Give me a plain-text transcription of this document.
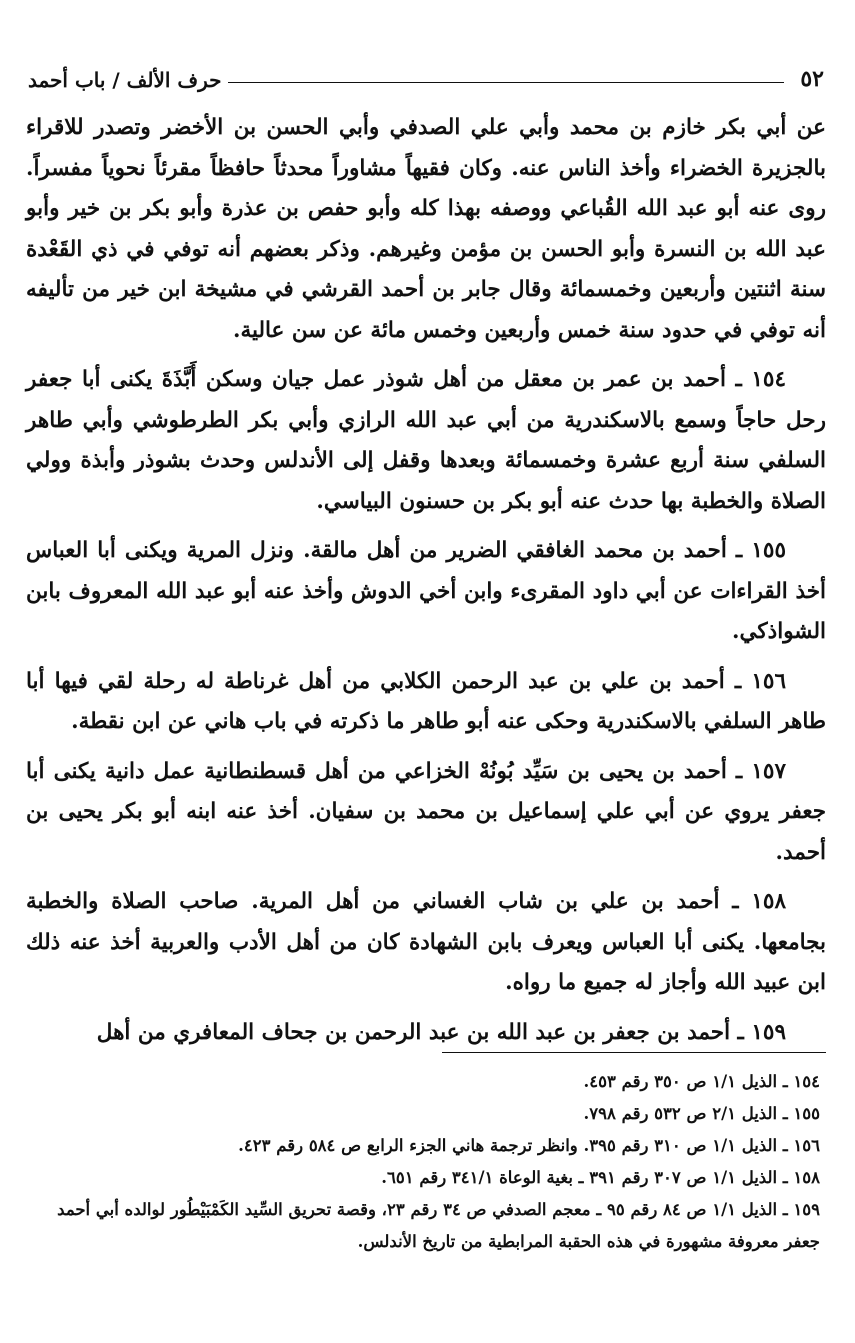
٥٢
حرف الألف / باب أحمد

عن أبي بكر خازم بن محمد وأبي علي الصدفي وأبي الحسن بن الأخضر وتصدر للاقراء بالجزيرة الخضراء وأخذ الناس عنه. وكان فقيهاً مشاوراً محدثاً حافظاً مقرئاً نحوياً مفسراً. روى عنه أبو عبد الله القُباعي ووصفه بهذا كله وأبو حفص بن عذرة وأبو بكر بن خير وأبو عبد الله بن النسرة وأبو الحسن بن مؤمن وغيرهم. وذكر بعضهم أنه توفي في ذي القَعْدة سنة اثنتين وأربعين وخمسمائة وقال جابر بن أحمد القرشي في مشيخة ابن خير من تأليفه أنه توفي في حدود سنة خمس وأربعين وخمس مائة عن سن عالية.

١٥٤ ـ أحمد بن عمر بن معقل من أهل شوذر عمل جيان وسكن أَبَّذَةَ يكنى أبا جعفر رحل حاجاً وسمع بالاسكندرية من أبي عبد الله الرازي وأبي بكر الطرطوشي وأبي طاهر السلفي سنة أربع عشرة وخمسمائة وبعدها وقفل إلى الأندلس وحدث بشوذر وأبذة وولي الصلاة والخطبة بها حدث عنه أبو بكر بن حسنون البياسي.

١٥٥ ـ أحمد بن محمد الغافقي الضرير من أهل مالقة. ونزل المرية ويكنى أبا العباس أخذ القراءات عن أبي داود المقرىء وابن أخي الدوش وأخذ عنه أبو عبد الله المعروف بابن الشواذكي.

١٥٦ ـ أحمد بن علي بن عبد الرحمن الكلابي من أهل غرناطة له رحلة لقي فيها أبا طاهر السلفي بالاسكندرية وحكى عنه أبو طاهر ما ذكرته في باب هاني عن ابن نقطة.

١٥٧ ـ أحمد بن يحيى بن سَيِّد بُونُهْ الخزاعي من أهل قسطنطانية عمل دانية يكنى أبا جعفر يروي عن أبي علي إسماعيل بن محمد بن سفيان. أخذ عنه ابنه أبو بكر يحيى بن أحمد.

١٥٨ ـ أحمد بن علي بن شاب الغساني من أهل المرية. صاحب الصلاة والخطبة بجامعها. يكنى أبا العباس ويعرف بابن الشهادة كان من أهل الأدب والعربية أخذ عنه ذلك ابن عبيد الله وأجاز له جميع ما رواه.

١٥٩ ـ أحمد بن جعفر بن عبد الله بن عبد الرحمن بن جحاف المعافري من أهل

١٥٤ ـ الذيل ١/١ ص ٣٥٠ رقم ٤٥٣.

١٥٥ ـ الذيل ٢/١ ص ٥٣٢ رقم ٧٩٨.

١٥٦ ـ الذيل ١/١ ص ٣١٠ رقم ٣٩٥. وانظر ترجمة هاني الجزء الرابع ص ٥٨٤ رقم ٤٢٣.

١٥٨ ـ الذيل ١/١ ص ٣٠٧ رقم ٣٩١ ـ بغية الوعاة ٣٤١/١ رقم ٦٥١.

١٥٩ ـ الذيل ١/١ ص ٨٤ رقم ٩٥ ـ معجم الصدفي ص ٣٤ رقم ٢٣، وقصة تحريق السِّيد الكَمْبَيْطُور لوالده أبي أحمد جعفر معروفة مشهورة في هذه الحقبة المرابطية من تاريخ الأندلس.
